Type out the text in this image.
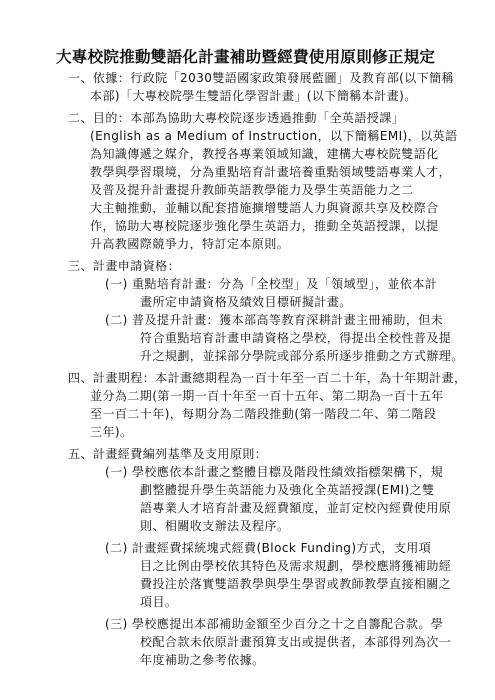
大專校院推動雙語化計畫補助暨經費使用原則修正規定
一、依據：行政院「2030雙語國家政策發展藍圖」及教育部(以下簡稱
本部)「大專校院學生雙語化學習計畫」(以下簡稱本計畫)。
二、目的：本部為協助大專校院逐步透過推動「全英語授課」
(English as a Medium of Instruction，以下簡稱EMI)，以英語
為知識傳遞之媒介，教授各專業領域知識，建構大專校院雙語化
教學與學習環境，分為重點培育計畫培養重點領域雙語專業人才，
及普及提升計畫提升教師英語教學能力及學生英語能力之二
大主軸推動，並輔以配套措施擴增雙語人力與資源共享及校際合
作，協助大專校院逐步強化學生英語力，推動全英語授課，以提
升高教國際競爭力，特訂定本原則。
三、計畫申請資格：
(一) 重點培育計畫：分為「全校型」及「領域型」，並依本計
畫所定申請資格及績效目標研擬計畫。
(二) 普及提升計畫：獲本部高等教育深耕計畫主冊補助，但未
符合重點培育計畫申請資格之學校，得提出全校性普及提
升之規劃，並採部分學院或部分系所逐步推動之方式辦理。
四、計畫期程：本計畫總期程為一百十年至一百二十年，為十年期計畫，
並分為二期(第一期一百十年至一百十五年、第二期為一百十五年
至一百二十年)，每期分為二階段推動(第一階段二年、第二階段
三年)。
五、計畫經費編列基準及支用原則：
(一) 學校應依本計畫之整體目標及階段性績效指標架構下，規
劃整體提升學生英語能力及強化全英語授課(EMI)之雙
語專業人才培育計畫及經費額度，並訂定校內經費使用原
則、相關收支辦法及程序。
(二) 計畫經費採統塊式經費(Block Funding)方式，支用項
目之比例由學校依其特色及需求規劃，學校應將獲補助經
費投注於落實雙語教學與學生學習或教師教學直接相關之
項目。
(三) 學校應提出本部補助金額至少百分之十之自籌配合款。學
校配合款未依原計畫預算支出或提供者，本部得列為次一
年度補助之參考依據。
